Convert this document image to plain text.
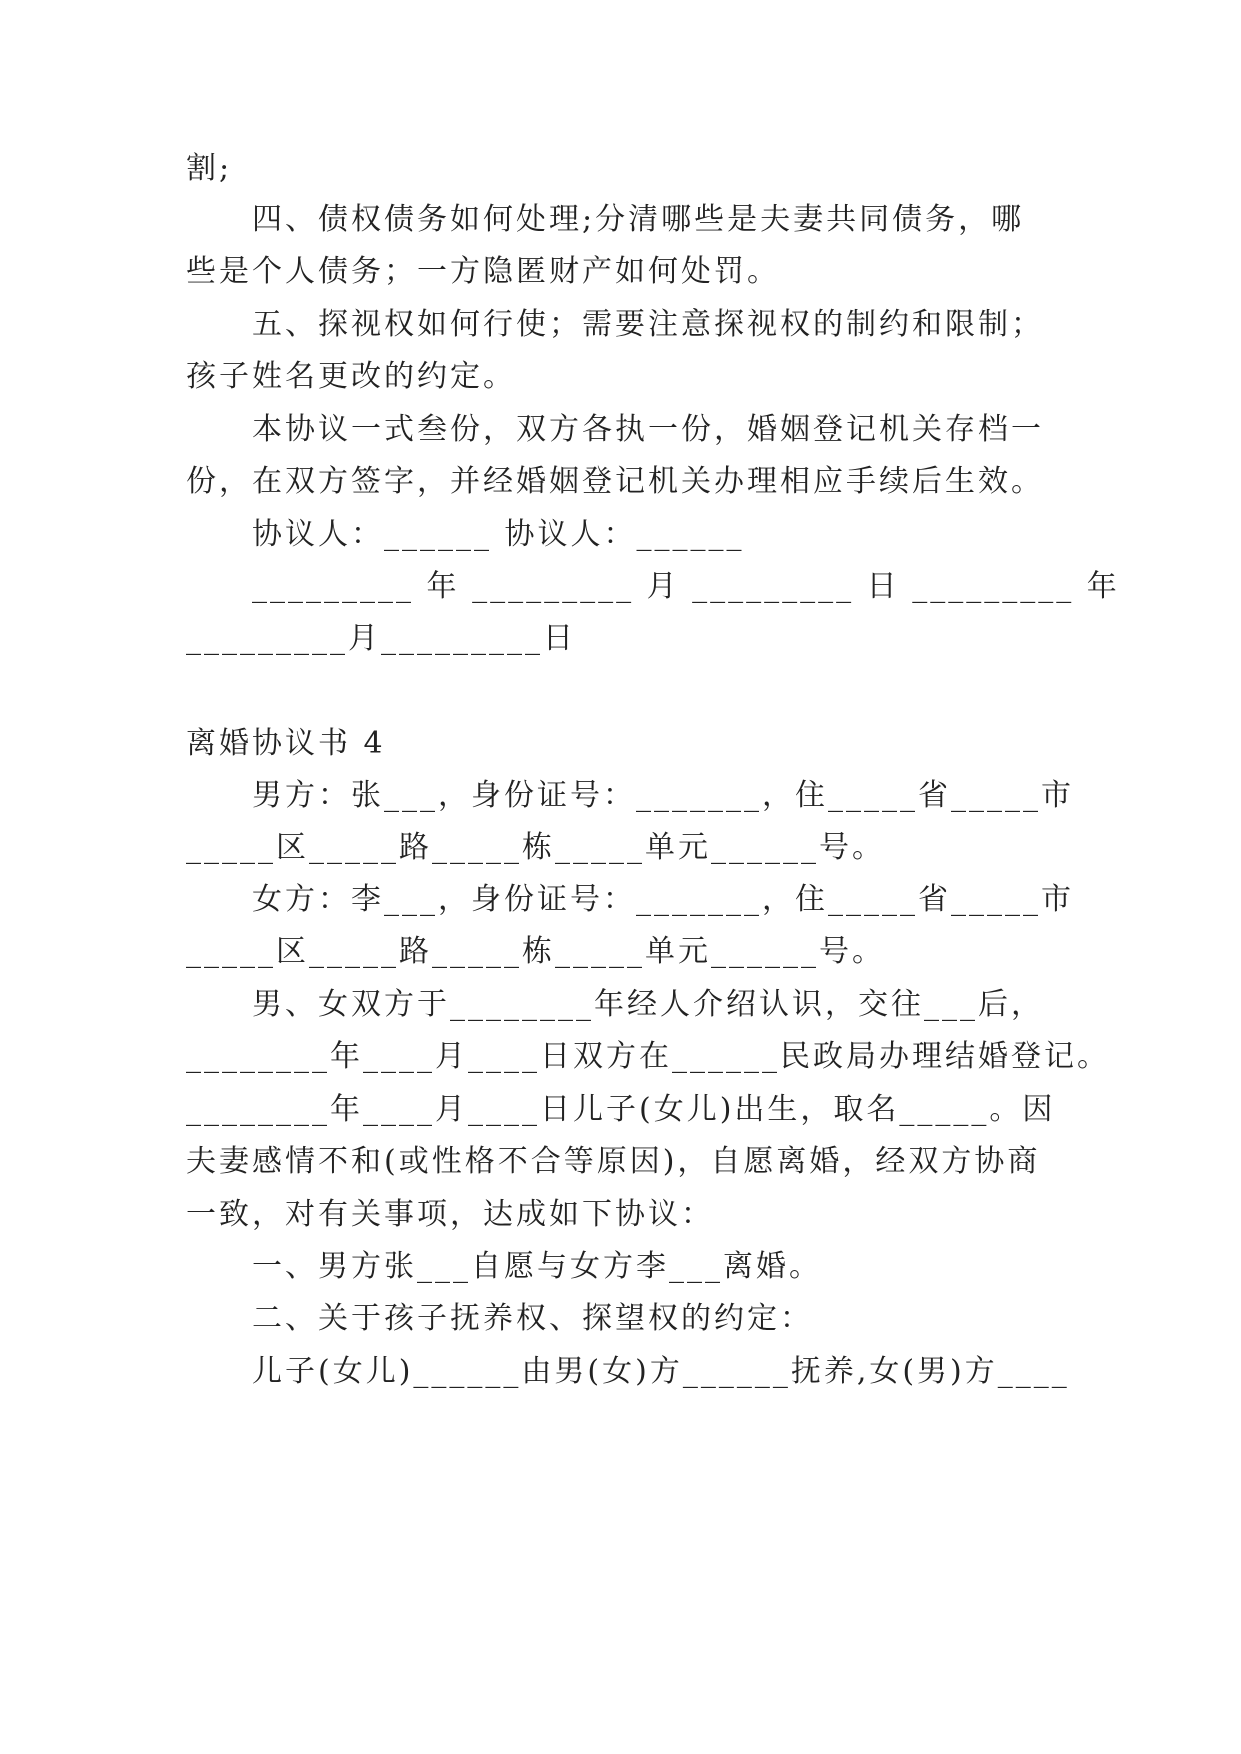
割;
四、债权债务如何处理;分清哪些是夫妻共同债务，哪
些是个人债务；一方隐匿财产如何处罚。
五、探视权如何行使；需要注意探视权的制约和限制；
孩子姓名更改的约定。
本协议一式叁份，双方各执一份，婚姻登记机关存档一
份，在双方签字，并经婚姻登记机关办理相应手续后生效。
协议人：______ 协议人：______
_________ 年 _________ 月 _________ 日 _________ 年
_________月_________日
离婚协议书 4
男方：张___，身份证号：_______，住_____省_____市
_____区_____路_____栋_____单元______号。
女方：李___，身份证号：_______，住_____省_____市
_____区_____路_____栋_____单元______号。
男、女双方于________年经人介绍认识，交往___后，
________年____月____日双方在______民政局办理结婚登记。
________年____月____日儿子(女儿)出生，取名_____。因
夫妻感情不和(或性格不合等原因)，自愿离婚，经双方协商
一致，对有关事项，达成如下协议：
一、男方张___自愿与女方李___离婚。
二、关于孩子抚养权、探望权的约定：
儿子(女儿)______由男(女)方______抚养,女(男)方____
